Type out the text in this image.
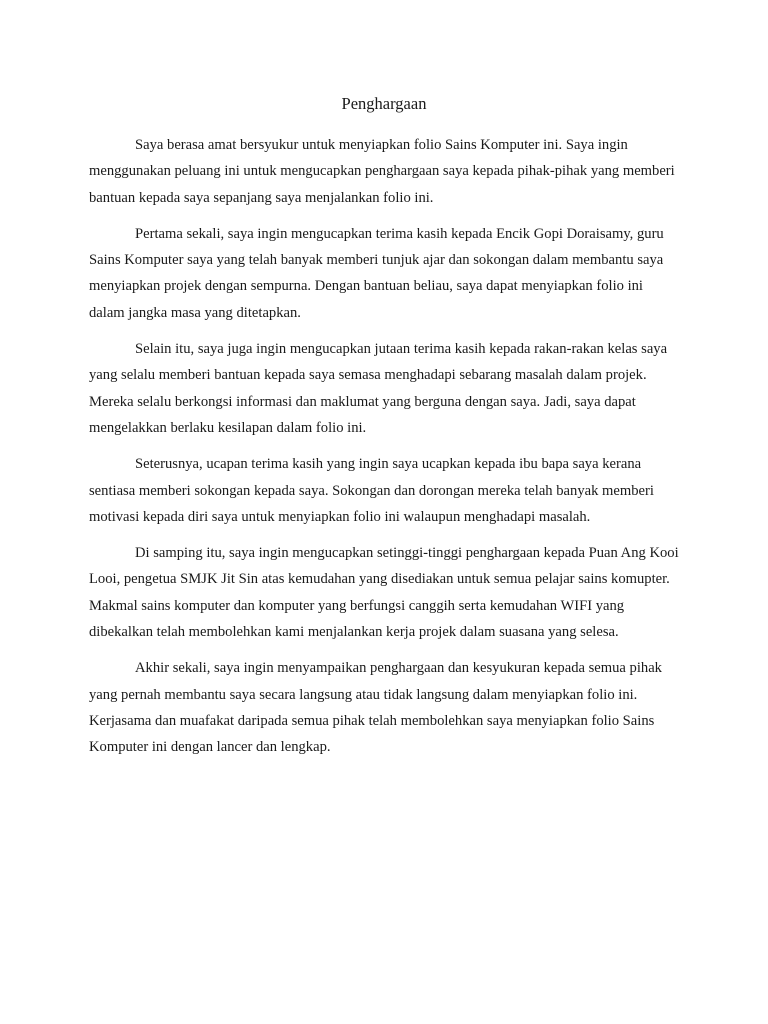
Penghargaan

Saya berasa amat bersyukur untuk menyiapkan folio Sains Komputer ini. Saya ingin menggunakan peluang ini untuk mengucapkan penghargaan saya kepada pihak-pihak yang memberi bantuan kepada saya sepanjang saya menjalankan folio ini.

Pertama sekali, saya ingin mengucapkan terima kasih kepada Encik Gopi Doraisamy, guru Sains Komputer saya yang telah banyak memberi tunjuk ajar dan sokongan dalam membantu saya menyiapkan projek dengan sempurna. Dengan bantuan beliau, saya dapat menyiapkan folio ini dalam jangka masa yang ditetapkan.

Selain itu, saya juga ingin mengucapkan jutaan terima kasih kepada rakan-rakan kelas saya yang selalu memberi bantuan kepada saya semasa menghadapi sebarang masalah dalam projek. Mereka selalu berkongsi informasi dan maklumat yang berguna dengan saya. Jadi, saya dapat mengelakkan berlaku kesilapan dalam folio ini.

Seterusnya, ucapan terima kasih yang ingin saya ucapkan kepada ibu bapa saya kerana sentiasa memberi sokongan kepada saya. Sokongan dan dorongan mereka telah banyak memberi motivasi kepada diri saya untuk menyiapkan folio ini walaupun menghadapi masalah.

Di samping itu, saya ingin mengucapkan setinggi-tinggi penghargaan kepada Puan Ang Kooi Looi, pengetua SMJK Jit Sin atas kemudahan yang disediakan untuk semua pelajar sains komupter. Makmal sains komputer dan komputer yang berfungsi canggih serta kemudahan WIFI yang dibekalkan telah membolehkan kami menjalankan kerja projek dalam suasana yang selesa.

Akhir sekali, saya ingin menyampaikan penghargaan dan kesyukuran kepada semua pihak yang pernah membantu saya secara langsung atau tidak langsung dalam menyiapkan folio ini. Kerjasama dan muafakat daripada semua pihak telah membolehkan saya menyiapkan folio Sains Komputer ini dengan lancer dan lengkap.
